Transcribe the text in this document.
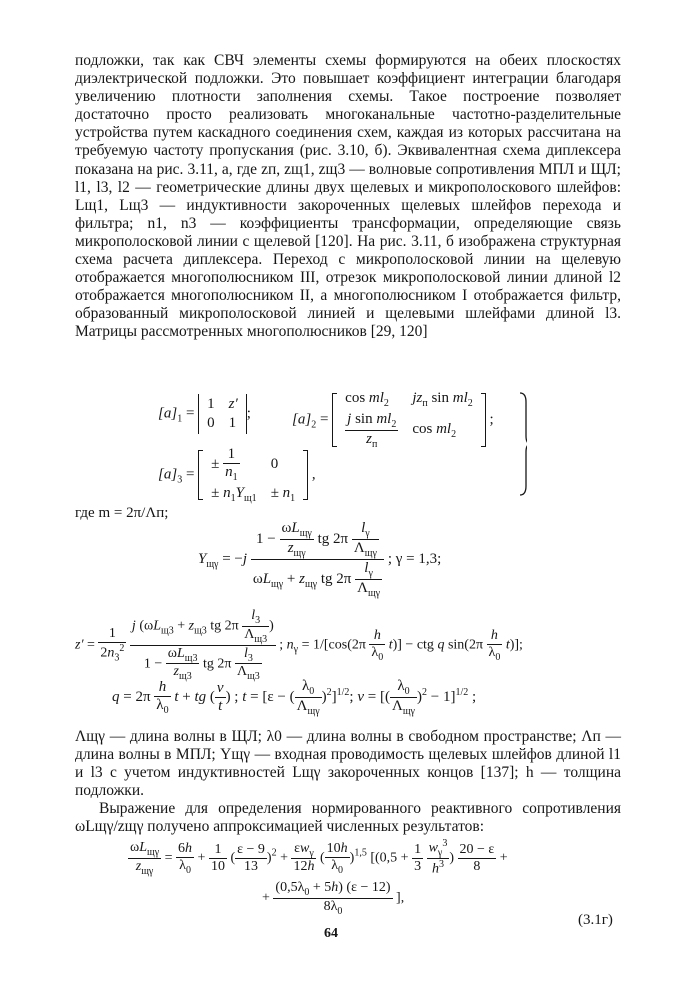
подложки, так как СВЧ элементы схемы формируются на обеих плоскостях диэлектрической подложки. Это повышает коэффициент интеграции благодаря увеличению плотности заполнения схемы. Такое построение позволяет достаточно просто реализовать многоканальные частотно-разделительные устройства путем каскадного соединения схем, каждая из которых рассчитана на требуемую частоту пропускания (рис. 3.10, б). Эквивалентная схема диплексера показана на рис. 3.11, а, где zп, zщ1, zщ3 — волновые сопротивления МПЛ и ЩЛ; l1, l3, l2 — геометрические длины двух щелевых и микрополоскового шлейфов: Lщ1, Lщ3 — индуктивности закороченных щелевых шлейфов перехода и фильтра; n1, n3 — коэффициенты трансформации, определяющие связь микрополосковой линии с щелевой [120]. На рис. 3.11, б изображена структурная схема расчета диплексера. Переход с микрополосковой линии на щелевую отображается многополюсником III, отрезок микрополосковой линии длиной l2 отображается многополюсником II, а многополюсником I отображается фильтр, образованный микрополосковой линией и щелевыми шлейфами длиной l3. Матрицы рассмотренных многополюсников [29, 120]

$[a]_1 = 1$	z′
0	1;	$[a]_2 = \cos ml_2$	$jz_п$ $\sin ml_2$

$\frac{j \sin ml_2}{z_п}$	$\cos ml_2$ ;
$[a]_3$ = ± $\frac{1}{n_1}$	0
± $n_1Y_{щ1}$	± $n_1$ ,
где m = 2π/Λп;
$Y_{щ\gamma} = -j \frac{1 - \frac{\omega L_{щ\gamma}}{z_{щ\gamma}} tg 2\pi \frac{l_\gamma}{\Lambda_{щ\gamma}}}{\omega L_{щ\gamma} + z_{щ\gamma} tg 2\pi \frac{l_\gamma}{\Lambda_{щ\gamma}}}$ ; γ = 1,3;
$z' = \frac{1}{2n_3^2}$
$\frac{j (\omega L_{щ3} + z_{щ3} tg 2\pi \frac{l_3}{\Lambda_{щ3}} )}{1 - \frac{\omega L_{щ3}}{z_{щ3}} tg 2\pi \frac{l_3}{\Lambda_{щ3}}}$ ; $n_\gamma = 1/[\cos(2\pi \frac{h}{\lambda_0} t)]$ − ctg q $\sin(2\pi \frac{h}{\lambda_0} t)$];
$q = 2\pi \frac{h}{\lambda_0}$ t + tg ( $\frac{v}{t}$ ) ; t = [ε − ( $\frac{\lambda_0}{\Lambda_{щ\gamma}} )^2]^{1/2}$; v = [( $\frac{\lambda_0}{\Lambda_{щ\gamma}} )^2 - 1]^{1/2}$ ;

Λщγ — длина волны в ЩЛ; λ0 — длина волны в свободном пространстве; Λп — длина волны в МПЛ; Yщγ — входная проводимость щелевых шлейфов длиной l1 и l3 с учетом индуктивностей Lщγ закороченных концов [137]; h — толщина подложки.

Выражение для определения нормированного реактивного сопротивления ωLщγ/zщγ получено аппроксимацией численных результатов:

$\frac{\omega L_{щ\gamma}}{z_{щ\gamma}} = \frac{6h}{\lambda_0} + \frac{1}{10}$ ( $\frac{\varepsilon - 9}{13} )^2 + \frac{\varepsilon w_\gamma}{12h}$ ( $\frac{10h}{\lambda_0} )^{1,5}$ [($0,5 + \frac{1}{3}$
$\frac{w_\gamma^3}{h^3}$ ) $\frac{20 - \varepsilon}{8}$ +
+ $\frac{(0,5\lambda_0 + 5h) (\varepsilon - 12)}{8\lambda_0}$ ],
(3.1г)
64
